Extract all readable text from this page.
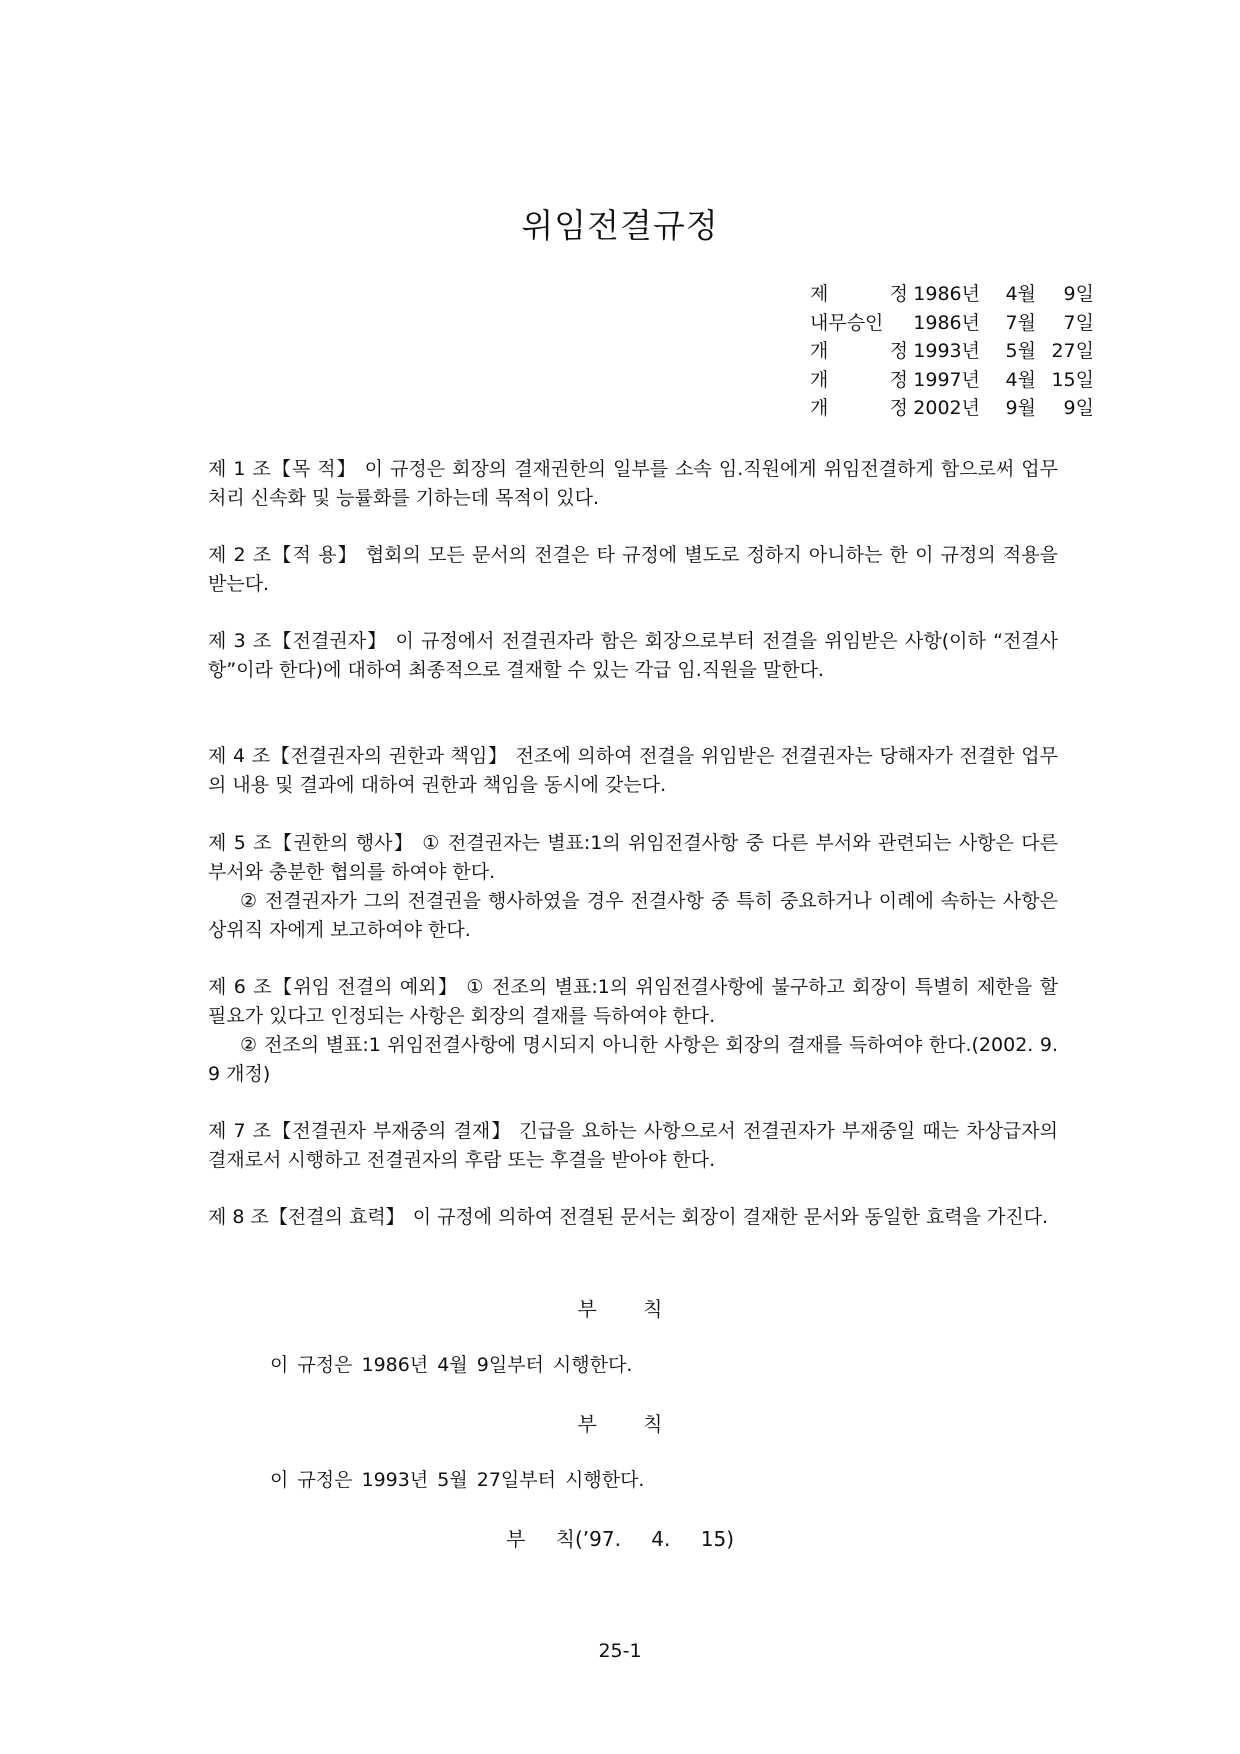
위임전결규정
제	정 1986년	4월	9일
내무승인 1986년	7월	7일
개	정 1993년	5월 27일
개	정 1997년	4월 15일
개	정 2002년	9월	9일

제 1 조【목 적】 이 규정은 회장의 결재권한의 일부를 소속 임.직원에게 위임전결하게 함으로써 업무처리 신속화 및 능률화를 기하는데 목적이 있다.

제 2 조【적 용】 협회의 모든 문서의 전결은 타 규정에 별도로 정하지 아니하는 한 이 규정의 적용을 받는다.

제 3 조【전결권자】 이 규정에서 전결권자라 함은 회장으로부터 전결을 위임받은 사항(이하 “전결사항”이라 한다)에 대하여 최종적으로 결재할 수 있는 각급 임.직원을 말한다.

제 4 조【전결권자의 권한과 책임】 전조에 의하여 전결을 위임받은 전결권자는 당해자가 전결한 업무의 내용 및 결과에 대하여 권한과 책임을 동시에 갖는다.

제 5 조【권한의 행사】 ① 전결권자는 별표:1의 위임전결사항 중 다른 부서와 관련되는 사항은 다른 부서와 충분한 협의를 하여야 한다.

② 전결권자가 그의 전결권을 행사하였을 경우 전결사항 중 특히 중요하거나 이례에 속하는 사항은 상위직 자에게 보고하여야 한다.

제 6 조【위임 전결의 예외】 ① 전조의 별표:1의 위임전결사항에 불구하고 회장이 특별히 제한을 할 필요가 있다고 인정되는 사항은 회장의 결재를 득하여야 한다.

② 전조의 별표:1 위임전결사항에 명시되지 아니한 사항은 회장의 결재를 득하여야 한다.(2002. 9. 9 개정)

제 7 조【전결권자 부재중의 결재】 긴급을 요하는 사항으로서 전결권자가 부재중일 때는 차상급자의 결재로서 시행하고 전결권자의 후람 또는 후결을 받아야 한다.

제 8 조【전결의 효력】 이 규정에 의하여 전결된 문서는 회장이 결재한 문서와 동일한 효력을 가진다.

부 칙
이 규정은 1986년 4월 9일부터 시행한다.
부 칙
이 규정은 1993년 5월 27일부터 시행한다.
부 칙(’97. 4. 15)
25-1
